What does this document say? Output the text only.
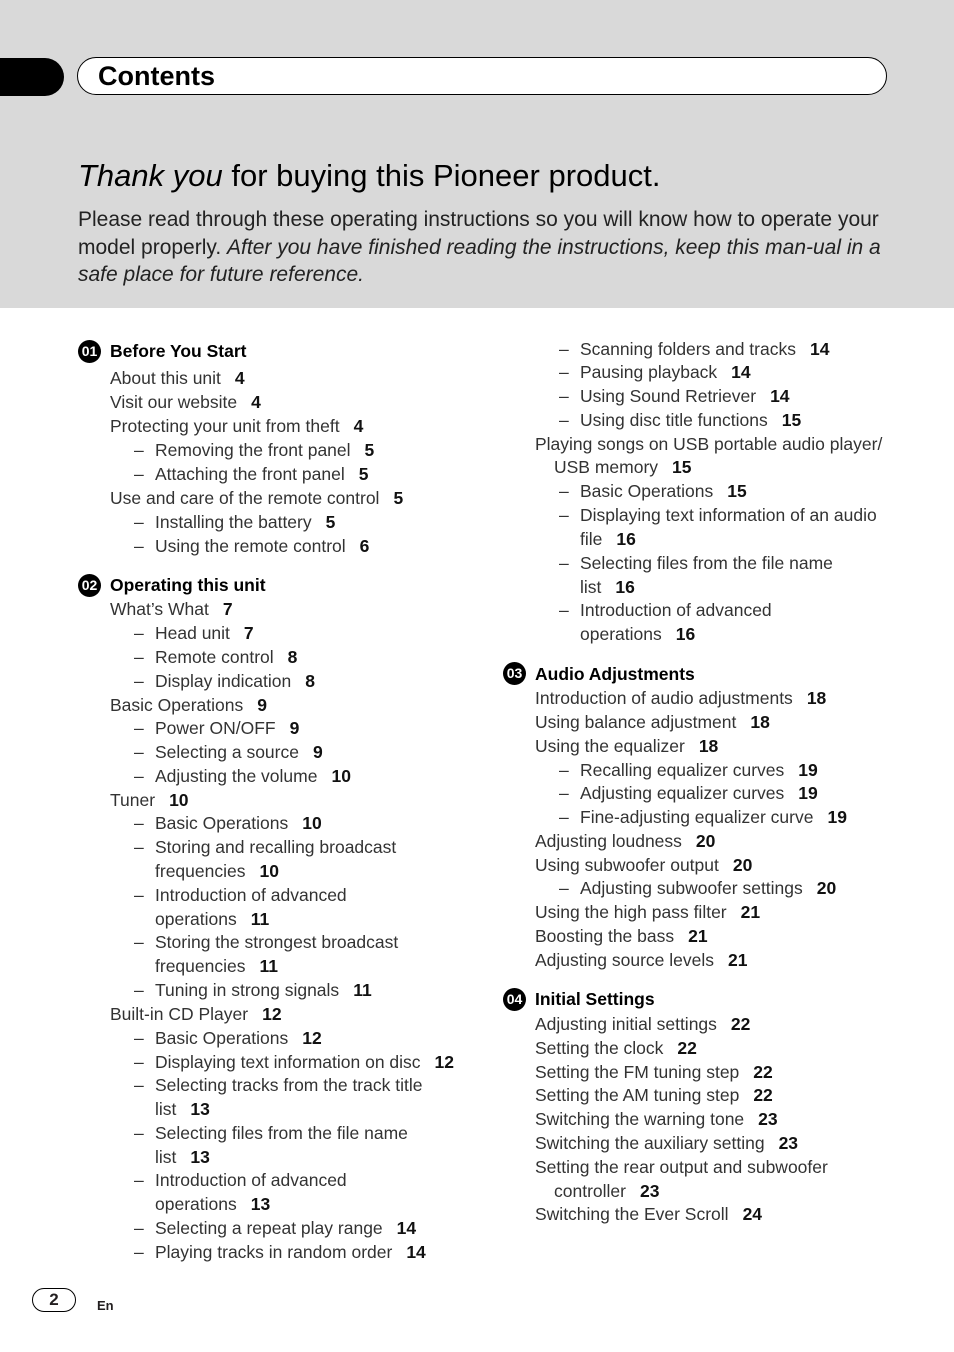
Contents
Thank you for buying this Pioneer product.
Please read through these operating instructions so you will know how to operate your model properly. After you have finished reading the instructions, keep this man-ual in a safe place for future reference.
01 Before You Start
02 Operating this unit
03 Audio Adjustments
04 Initial Settings
About this unit 4
Visit our website 4
Protecting your unit from theft 4
Removing the front panel 5
–
Attaching the front panel 5
–
Use and care of the remote control 5
Installing the battery 5
–
Using the remote control 6
–
What’s What 7
Head unit 7
–
Remote control 8
–
Display indication 8
–
Basic Operations 9
Power ON/OFF 9
–
Selecting a source 9
–
Adjusting the volume 10
–
Tuner 10
Basic Operations 10
–
Storing and recalling broadcast
–
frequencies 10
Introduction of advanced
–
operations 11
Storing the strongest broadcast
–
frequencies 11
Tuning in strong signals 11
–
Built-in CD Player 12
Basic Operations 12
–
Displaying text information on disc 12
–
Selecting tracks from the track title
–
list 13
Selecting files from the file name
–
list 13
Introduction of advanced
–
operations 13
Selecting a repeat play range 14
–
Playing tracks in random order 14
–
Scanning folders and tracks 14
–
Pausing playback 14
–
Using Sound Retriever 14
–
Using disc title functions 15
–
Playing songs on USB portable audio player/
USB memory 15
Basic Operations 15
–
Displaying text information of an audio
–
file 16
Selecting files from the file name
–
list 16
Introduction of advanced
–
operations 16
Introduction of audio adjustments 18
Using balance adjustment 18
Using the equalizer 18
Recalling equalizer curves 19
–
Adjusting equalizer curves 19
–
Fine-adjusting equalizer curve 19
–
Adjusting loudness 20
Using subwoofer output 20
Adjusting subwoofer settings 20
–
Using the high pass filter 21
Boosting the bass 21
Adjusting source levels 21
Adjusting initial settings 22
Setting the clock 22
Setting the FM tuning step 22
Setting the AM tuning step 22
Switching the warning tone 23
Switching the auxiliary setting 23
Setting the rear output and subwoofer
controller 23
Switching the Ever Scroll 24
2	En
